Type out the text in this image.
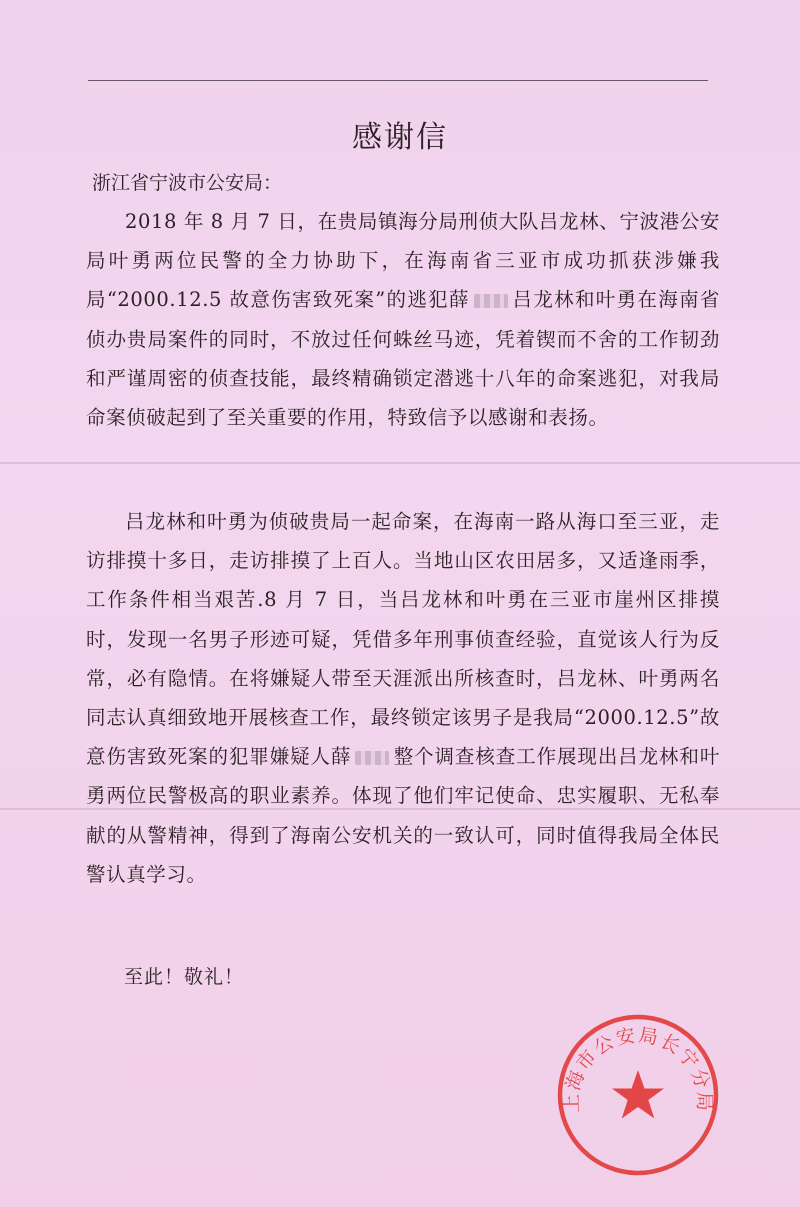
感谢信
浙江省宁波市公安局：
2018 年 8 月 7 日，在贵局镇海分局刑侦大队吕龙林、宁波港公安局叶勇两位民警的全力协助下，在海南省三亚市成功抓获涉嫌我局“2000.12.5 故意伤害致死案”的逃犯薛 吕龙林和叶勇在海南省侦办贵局案件的同时，不放过任何蛛丝马迹，凭着锲而不舍的工作韧劲和严谨周密的侦查技能，最终精确锁定潜逃十八年的命案逃犯，对我局命案侦破起到了至关重要的作用，特致信予以感谢和表扬。
吕龙林和叶勇为侦破贵局一起命案，在海南一路从海口至三亚，走访排摸十多日，走访排摸了上百人。当地山区农田居多，又适逢雨季，工作条件相当艰苦.8 月 7 日，当吕龙林和叶勇在三亚市崖州区排摸时，发现一名男子形迹可疑，凭借多年刑事侦查经验，直觉该人行为反常，必有隐情。在将嫌疑人带至天涯派出所核查时，吕龙林、叶勇两名同志认真细致地开展核查工作，最终锁定该男子是我局“2000.12.5”故意伤害致死案的犯罪嫌疑人薛 整个调查核查工作展现出吕龙林和叶勇两位民警极高的职业素养。体现了他们牢记使命、忠实履职、无私奉献的从警精神，得到了海南公安机关的一致认可，同时值得我局全体民警认真学习。
至此！敬礼！
上海市公安局长宁分局
